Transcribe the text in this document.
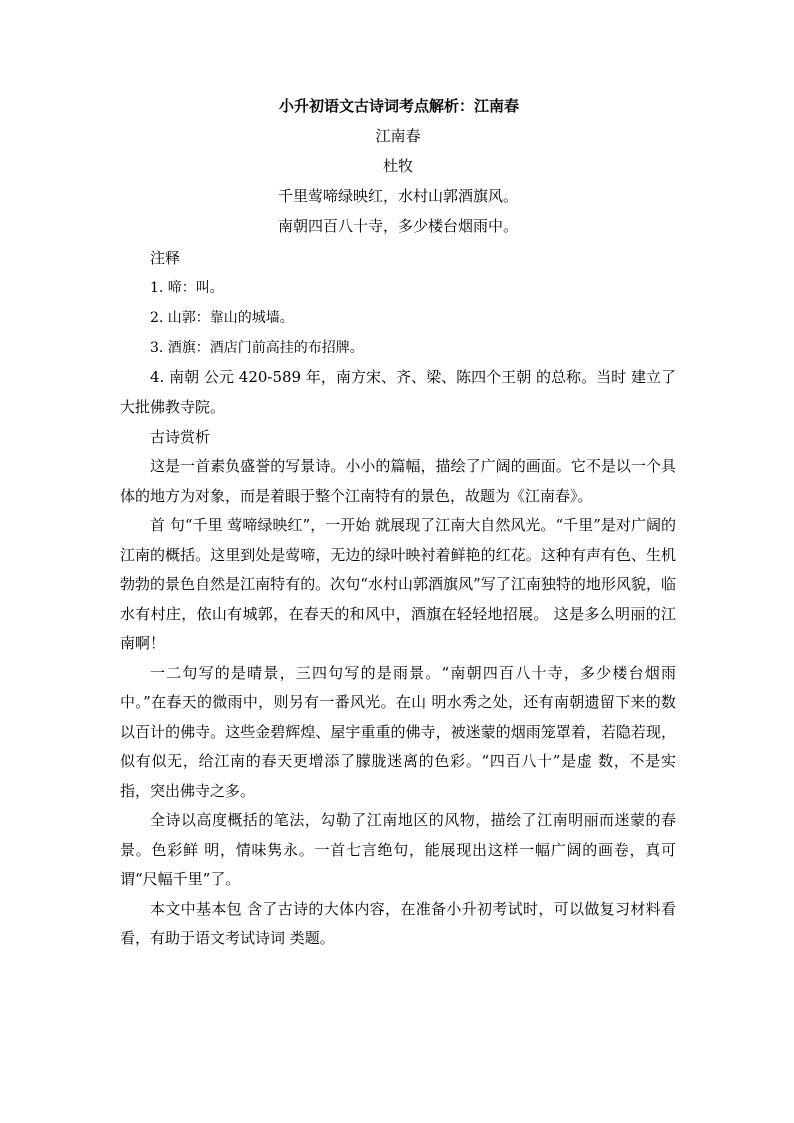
小升初语文古诗词考点解析：江南春
江南春
杜牧
千里莺啼绿映红，水村山郭酒旗风。
南朝四百八十寺，多少楼台烟雨中。
注释
1. 啼：叫。
2. 山郭：靠山的城墙。
3. 酒旗：酒店门前高挂的布招牌。

4. 南朝 公元 420-589 年，南方宋、齐、梁、陈四个王朝 的总称。当时 建立了大批佛教寺院。

古诗赏析

这是一首素负盛誉的写景诗。小小的篇幅，描绘了广阔的画面。它不是以一个具体的地方为对象，而是着眼于整个江南特有的景色，故题为《江南春》。

首 句“千里 莺啼绿映红”，一开始 就展现了江南大自然风光。“千里”是对广阔的江南的概括。这里到处是莺啼，无边的绿叶映衬着鲜艳的红花。这种有声有色、生机勃勃的景色自然是江南特有的。次句“水村山郭酒旗风”写了江南独特的地形风貌，临水有村庄，依山有城郭，在春天的和风中，酒旗在轻轻地招展。 这是多么明丽的江南啊！

一二句写的是晴景，三四句写的是雨景。“南朝四百八十寺，多少楼台烟雨中。”在春天的微雨中，则另有一番风光。在山 明水秀之处，还有南朝遗留下来的数以百计的佛寺。这些金碧辉煌、屋宇重重的佛寺，被迷蒙的烟雨笼罩着，若隐若现，似有似无，给江南的春天更增添了朦胧迷离的色彩。“四百八十”是虚 数，不是实指，突出佛寺之多。

全诗以高度概括的笔法，勾勒了江南地区的风物，描绘了江南明丽而迷蒙的春景。色彩鲜 明，情味隽永。一首七言绝句，能展现出这样一幅广阔的画卷，真可谓“尺幅千里”了。

本文中基本包 含了古诗的大体内容，在准备小升初考试时，可以做复习材料看看，有助于语文考试诗词 类题。
